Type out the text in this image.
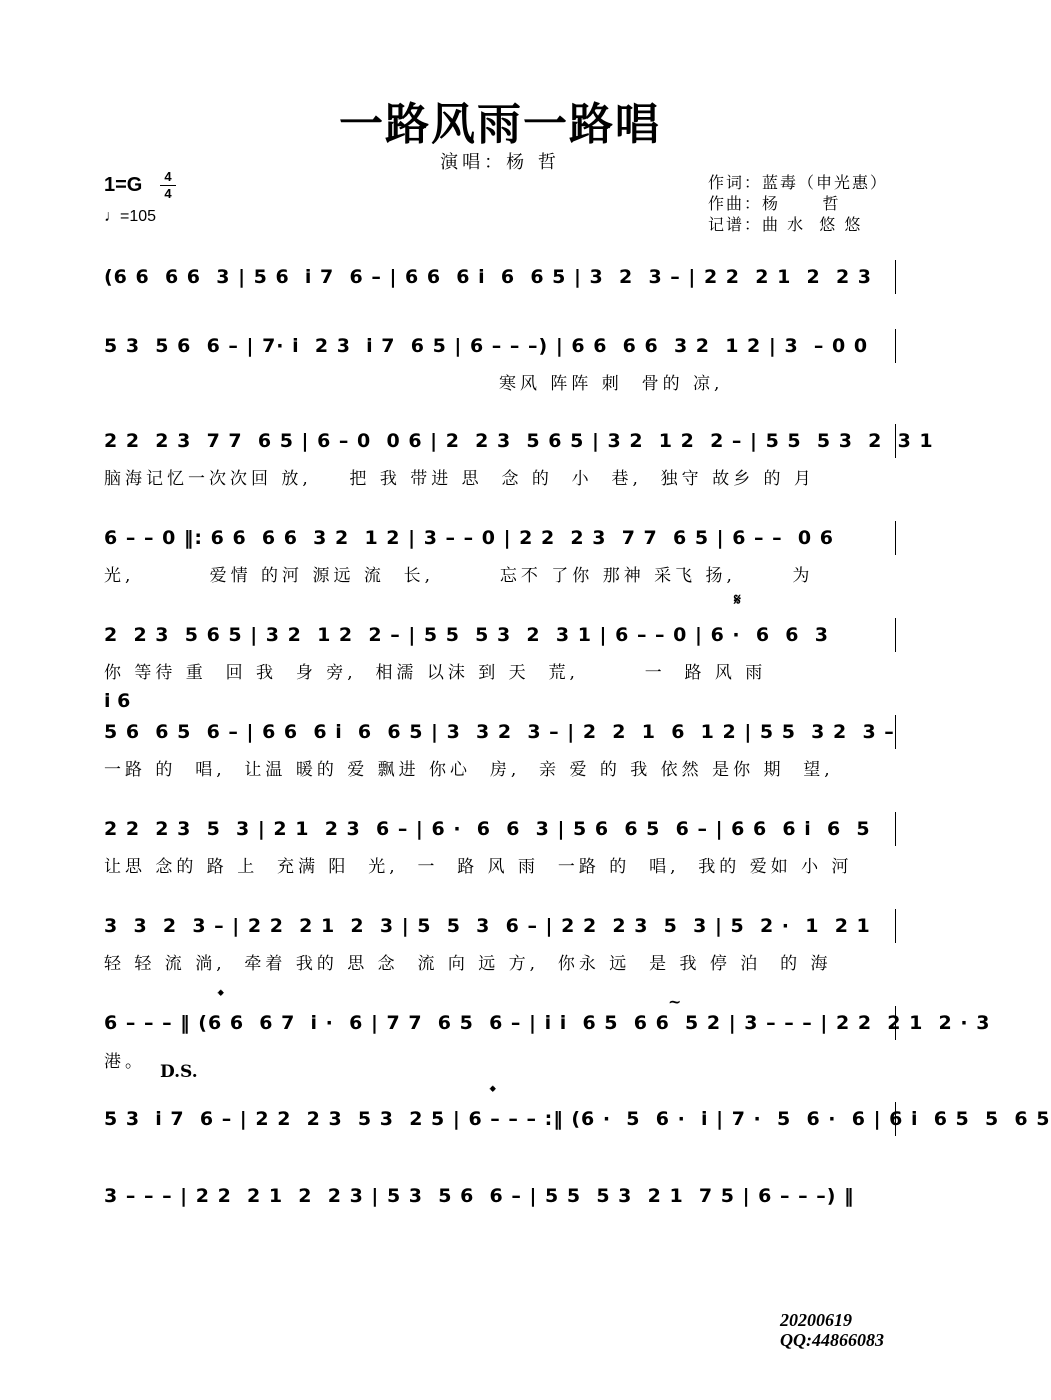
一路风雨一路唱
演唱：杨 哲
1=G	4
4
♩=105
作词：蓝毒（申光惠）
作曲：杨      哲
记谱：曲 水  悠 悠
(6 6  6 6  3 | 5 6  i 7  6 – | 6 6  6 i  6  6 5 | 3  2  3 – | 2 2  2 1  2  2 3
5 3  5 6  6 – | 7· i  2 3  i 7  6 5 | 6 – – –) | 6 6  6 6  3 2  1 2 | 3  – 0 0
寒风 阵阵 刺  骨的 凉,
2 2  2 3  7 7  6 5 | 6 – 0  0 6 | 2  2 3  5 6 5 | 3 2  1 2  2 – | 5 5  5 3  2  3 1
脑海记忆一次次回 放,    把 我 带进 思  念 的  小  巷,  独守 故乡 的 月
6 – – 0 ‖: 6 6  6 6  3 2  1 2 | 3 – – 0 | 2 2  2 3  7 7  6 5 | 6 – –  0 6
光,        爱情 的河 源远 流  长,       忘不 了你 那神 采飞 扬,      为
𝄋
2  2 3  5 6 5 | 3 2  1 2  2 – | 5 5  5 3  2  3 1 | 6 – – 0 | 6 ·  6  6  3
你 等待 重  回 我  身 旁,  相濡 以沫 到 天  荒,       一  路 风 雨
i 6
5 6  6 5  6 – | 6 6  6 i  6  6 5 | 3  3 2  3 – | 2  2  1  6  1 2 | 5 5  3 2  3 –
一路 的  唱,  让温 暖的 爱 飘进 你心  房,  亲 爱 的 我 依然 是你 期  望,
2 2  2 3  5  3 | 2 1  2 3  6 – | 6 ·  6  6  3 | 5 6  6 5  6 – | 6 6  6 i  6  5
让思 念的 路 上  充满 阳  光,  一  路 风 雨  一路 的  唱,  我的 爱如 小 河
3  3  2  3 – | 2 2  2 1  2  3 | 5  5  3  6 – | 2 2  2 3  5  3 | 5  2 ·  1  2 1
轻 轻 流 淌,  牵着 我的 思 念  流 向 远 方,  你永 远  是 我 停 泊  的 海
𝄌	~
6 – – – ‖ (6 6  6 7  i ·  6 | 7 7  6 5  6 – | i i  6 5  6 6  5 2 | 3 – – – | 2 2  2 1  2 · 3
港。 D.S.
𝄌
5 3  i 7  6 – | 2 2  2 3  5 3  2 5 | 6 – – – :‖ (6 ·  5  6 ·  i | 7 ·  5  6 ·  6 | 6 i  6 5  5  6 5
3 – – – | 2 2  2 1  2  2 3 | 5 3  5 6  6 – | 5 5  5 3  2 1  7 5 | 6 – – –) ‖
20200619
QQ:44866083
